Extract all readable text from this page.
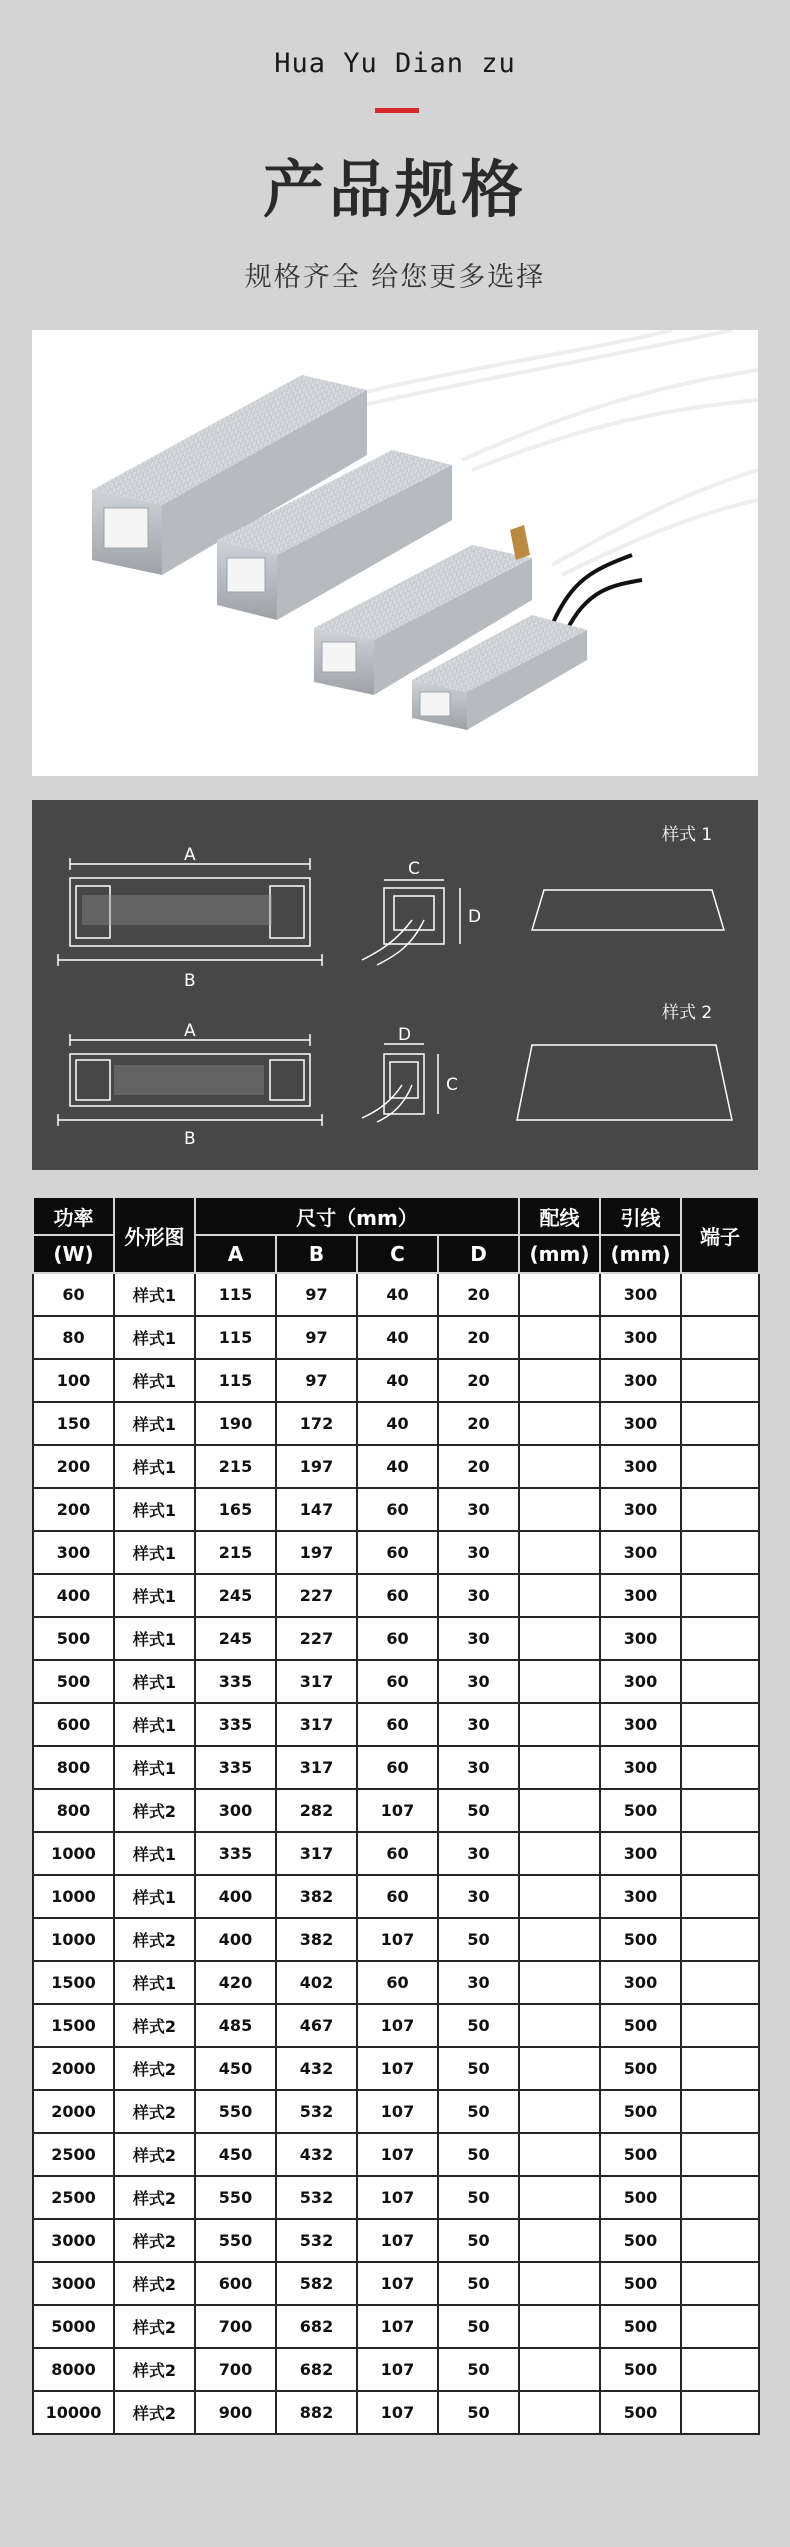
Hua Yu Dian zu
产品规格
规格齐全 给您更多选择
A
B
C
D
A
B
D
C
样式 1
样式 2
功率	外形图	尺寸（mm）				配线	引线	端子
(W)		A	B	C	D	(mm)	(mm)	
60	样式1	115	97	40	20		300	
80	样式1	115	97	40	20		300	
100	样式1	115	97	40	20		300	
150	样式1	190	172	40	20		300	
200	样式1	215	197	40	20		300	
200	样式1	165	147	60	30		300	
300	样式1	215	197	60	30		300	
400	样式1	245	227	60	30		300	
500	样式1	245	227	60	30		300	
500	样式1	335	317	60	30		300	
600	样式1	335	317	60	30		300	
800	样式1	335	317	60	30		300	
800	样式2	300	282	107	50		500	
1000	样式1	335	317	60	30		300	
1000	样式1	400	382	60	30		300	
1000	样式2	400	382	107	50		500	
1500	样式1	420	402	60	30		300	
1500	样式2	485	467	107	50		500	
2000	样式2	450	432	107	50		500	
2000	样式2	550	532	107	50		500	
2500	样式2	450	432	107	50		500	
2500	样式2	550	532	107	50		500	
3000	样式2	550	532	107	50		500	
3000	样式2	600	582	107	50		500	
5000	样式2	700	682	107	50		500	
8000	样式2	700	682	107	50		500	
10000	样式2	900	882	107	50		500	
